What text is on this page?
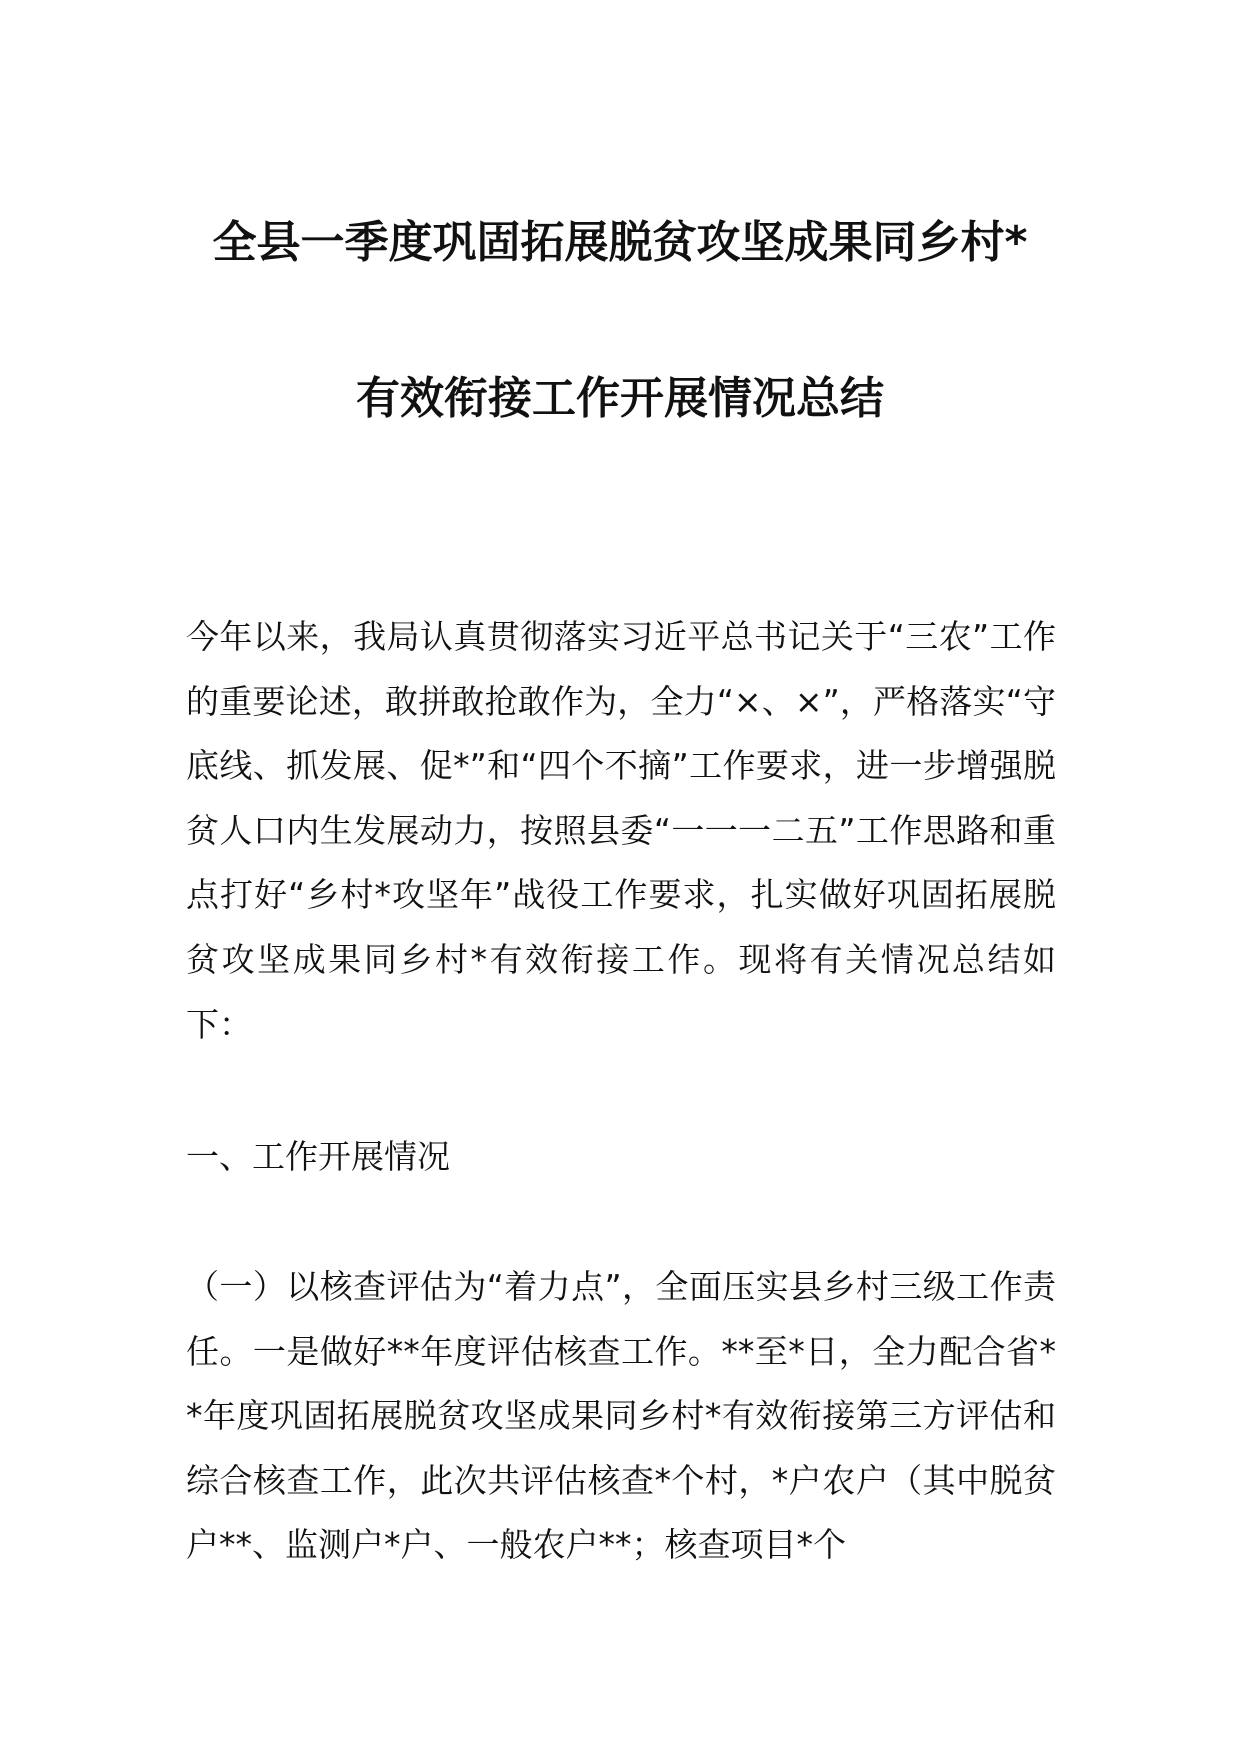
全县一季度巩固拓展脱贫攻坚成果同乡村*
有效衔接工作开展情况总结
今年以来，我局认真贯彻落实习近平总书记关于“三农”工作的重要论述，敢拼敢抢敢作为，全力“×、×”，严格落实“守底线、抓发展、促*”和“四个不摘”工作要求，进一步增强脱贫人口内生发展动力，按照县委“一一一二五”工作思路和重点打好“乡村*攻坚年”战役工作要求，扎实做好巩固拓展脱贫攻坚成果同乡村*有效衔接工作。现将有关情况总结如下：
一、工作开展情况
（一）以核查评估为“着力点”，全面压实县乡村三级工作责任。一是做好**年度评估核查工作。**至*日，全力配合省**年度巩固拓展脱贫攻坚成果同乡村*有效衔接第三方评估和综合核查工作，此次共评估核查*个村，*户农户（其中脱贫户**、监测户*户、一般农户**；核查项目*个
